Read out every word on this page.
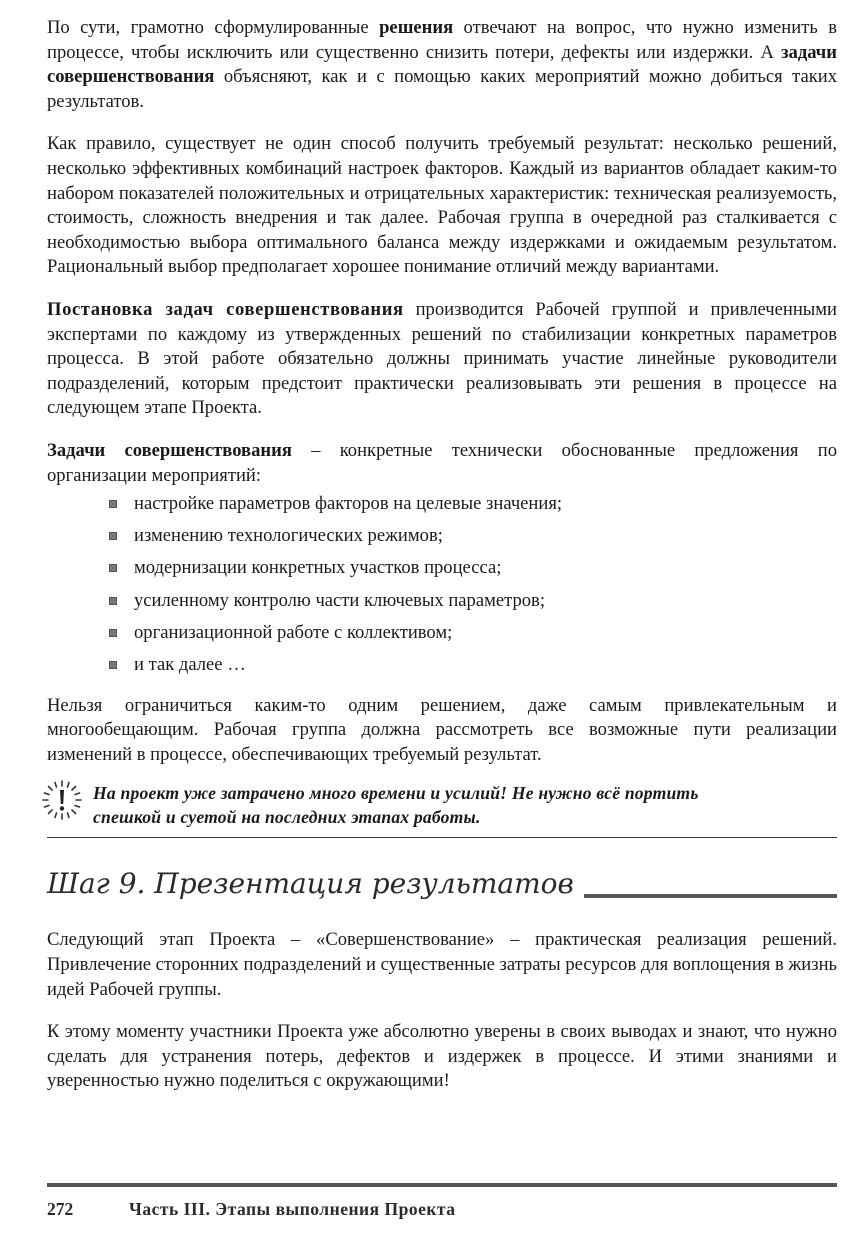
По сути, грамотно сформулированные решения отвечают на вопрос, что нужно изменить в процессе, чтобы исключить или существенно снизить потери, дефекты или издержки. А задачи совершенствования объясняют, как и с помощью каких мероприятий можно добиться таких результатов.

Как правило, существует не один способ получить требуемый результат: несколько решений, несколько эффективных комбинаций настроек факторов. Каждый из вариантов обладает каким-то набором показателей положительных и отрицательных характеристик: техническая реализуемость, стоимость, сложность внедрения и так далее. Рабочая группа в очередной раз сталкивается с необходимостью выбора оптимального баланса между издержками и ожидаемым результатом. Рациональный выбор предполагает хорошее понимание отличий между вариантами.

Постановка задач совершенствования производится Рабочей группой и привлеченными экспертами по каждому из утвержденных решений по стабилизации конкретных параметров процесса. В этой работе обязательно должны принимать участие линейные руководители подразделений, которым предстоит практически реализовывать эти решения в процессе на следующем этапе Проекта.

Задачи совершенствования – конкретные технически обоснованные предложения по организации мероприятий:

настройке параметров факторов на целевые значения;
изменению технологических режимов;
модернизации конкретных участков процесса;
усиленному контролю части ключевых параметров;
организационной работе с коллективом;
и так далее …

Нельзя ограничиться каким-то одним решением, даже самым привлекательным и многообещающим. Рабочая группа должна рассмотреть все возможные пути реализации изменений в процессе, обеспечивающих требуемый результат.

На проект уже затрачено много времени и усилий! Не нужно всё портить
спешкой и суетой на последних этапах работы.
Шаг 9. Презентация результатов

Следующий этап Проекта – «Совершенствование» – практическая реализация решений. Привлечение сторонних подразделений и существенные затраты ресурсов для воплощения в жизнь идей Рабочей группы.

К этому моменту участники Проекта уже абсолютно уверены в своих выводах и знают, что нужно сделать для устранения потерь, дефектов и издержек в процессе. И этими знаниями и уверенностью нужно поделиться с окружающими!

272	Часть III. Этапы выполнения Проекта
